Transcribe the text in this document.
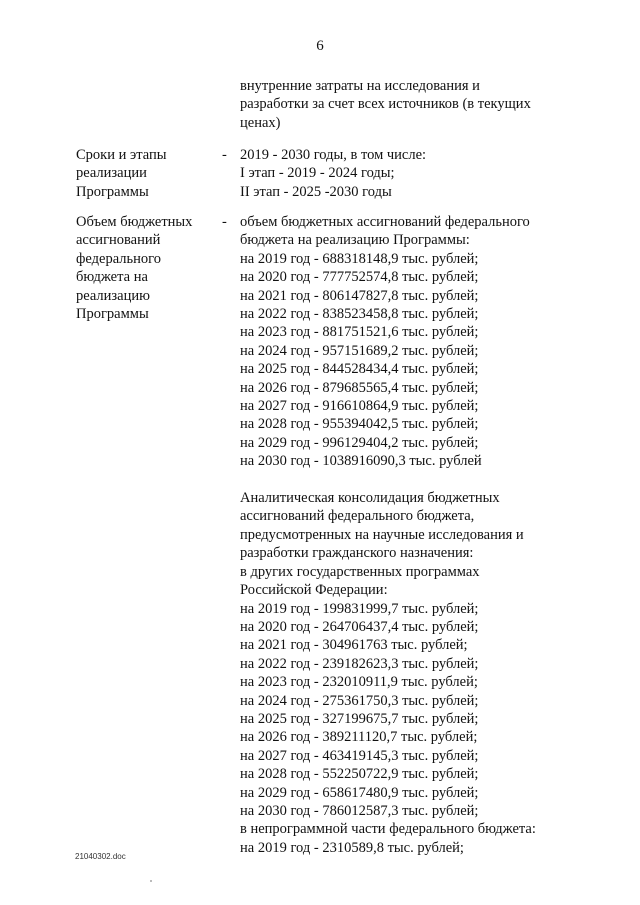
6
внутренние затраты на исследования и
разработки за счет всех источников (в текущих
ценах)
Сроки и этапы
реализации
Программы
- 2019 - 2030 годы, в том числе:
I этап - 2019 - 2024 годы;
II этап - 2025 -2030 годы
Объем бюджетных
ассигнований
федерального
бюджета на
реализацию
Программы
- объем бюджетных ассигнований федерального
бюджета на реализацию Программы:
на 2019 год - 688318148,9 тыс. рублей;
на 2020 год - 777752574,8 тыс. рублей;
на 2021 год - 806147827,8 тыс. рублей;
на 2022 год - 838523458,8 тыс. рублей;
на 2023 год - 881751521,6 тыс. рублей;
на 2024 год - 957151689,2 тыс. рублей;
на 2025 год - 844528434,4 тыс. рублей;
на 2026 год - 879685565,4 тыс. рублей;
на 2027 год - 916610864,9 тыс. рублей;
на 2028 год - 955394042,5 тыс. рублей;
на 2029 год - 996129404,2 тыс. рублей;
на 2030 год - 1038916090,3 тыс. рублей
Аналитическая консолидация бюджетных
ассигнований федерального бюджета,
предусмотренных на научные исследования и
разработки гражданского назначения:
в других государственных программах
Российской Федерации:
на 2019 год - 199831999,7 тыс. рублей;
на 2020 год - 264706437,4 тыс. рублей;
на 2021 год - 304961763 тыс. рублей;
на 2022 год - 239182623,3 тыс. рублей;
на 2023 год - 232010911,9 тыс. рублей;
на 2024 год - 275361750,3 тыс. рублей;
на 2025 год - 327199675,7 тыс. рублей;
на 2026 год - 389211120,7 тыс. рублей;
на 2027 год - 463419145,3 тыс. рублей;
на 2028 год - 552250722,9 тыс. рублей;
на 2029 год - 658617480,9 тыс. рублей;
на 2030 год - 786012587,3 тыс. рублей;
в непрограммной части федерального бюджета:
на 2019 год - 2310589,8 тыс. рублей;
21040302.doc
